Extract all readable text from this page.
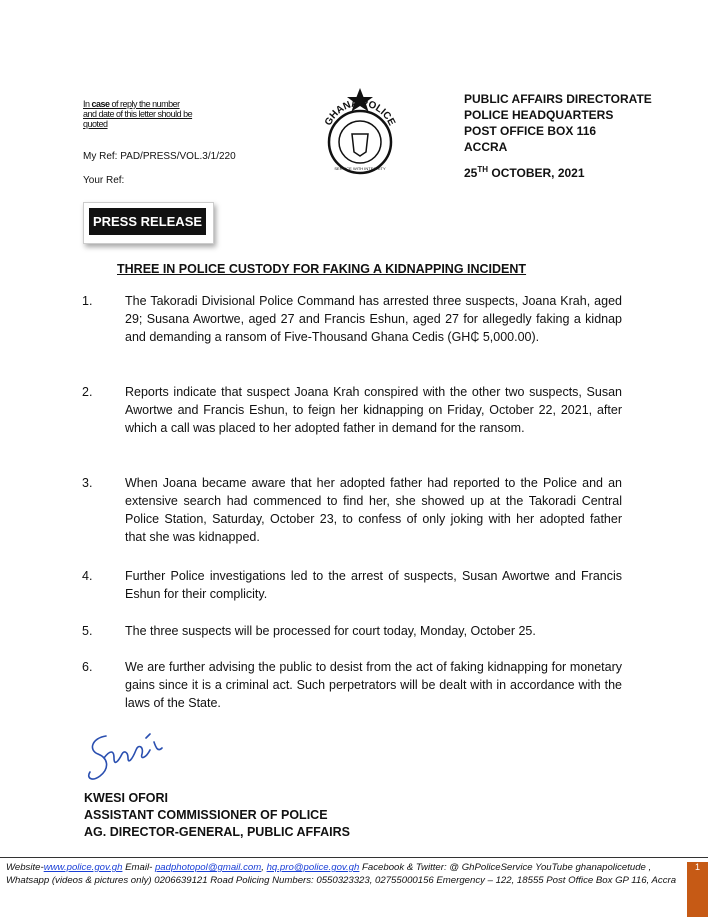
In case of reply the number and date of this letter should be quoted
My Ref: PAD/PRESS/VOL.3/1/220
Your Ref:
GHANA POLICE
SERVICE WITH INTEGRITY
PUBLIC AFFAIRS DIRECTORATE
POLICE HEADQUARTERS
POST OFFICE BOX 116
ACCRA
25TH OCTOBER, 2021
PRESS RELEASE
THREE IN POLICE CUSTODY FOR FAKING A KIDNAPPING INCIDENT
1.	The Takoradi Divisional Police Command has arrested three suspects, Joana Krah, aged 29; Susana Awortwe, aged 27 and Francis Eshun, aged 27 for allegedly faking a kidnap and demanding a ransom of Five-Thousand Ghana Cedis (GH₵ 5,000.00).
2.	Reports indicate that suspect Joana Krah conspired with the other two suspects, Susan Awortwe and Francis Eshun, to feign her kidnapping on Friday, October 22, 2021, after which a call was placed to her adopted father in demand for the ransom.
3.	When Joana became aware that her adopted father had reported to the Police and an extensive search had commenced to find her, she showed up at the Takoradi Central Police Station, Saturday, October 23, to confess of only joking with her adopted father that she was kidnapped.
4.	Further Police investigations led to the arrest of suspects, Susan Awortwe and Francis Eshun for their complicity.
5.	The three suspects will be processed for court today, Monday, October 25.
6.	We are further advising the public to desist from the act of faking kidnapping for monetary gains since it is a criminal act. Such perpetrators will be dealt with in accordance with the laws of the State.
KWESI OFORI
ASSISTANT COMMISSIONER OF POLICE
AG. DIRECTOR-GENERAL, PUBLIC AFFAIRS
Website-www.police.gov.gh Email- padphotopol@gmail.com, hq.pro@police.gov.gh Facebook & Twitter: @ GhPoliceService YouTube ghanapolicetude , Whatsapp (videos & pictures only) 0206639121 Road Policing Numbers: 0550323323, 02755000156 Emergency – 122, 18555 Post Office Box GP 116, Accra
1
